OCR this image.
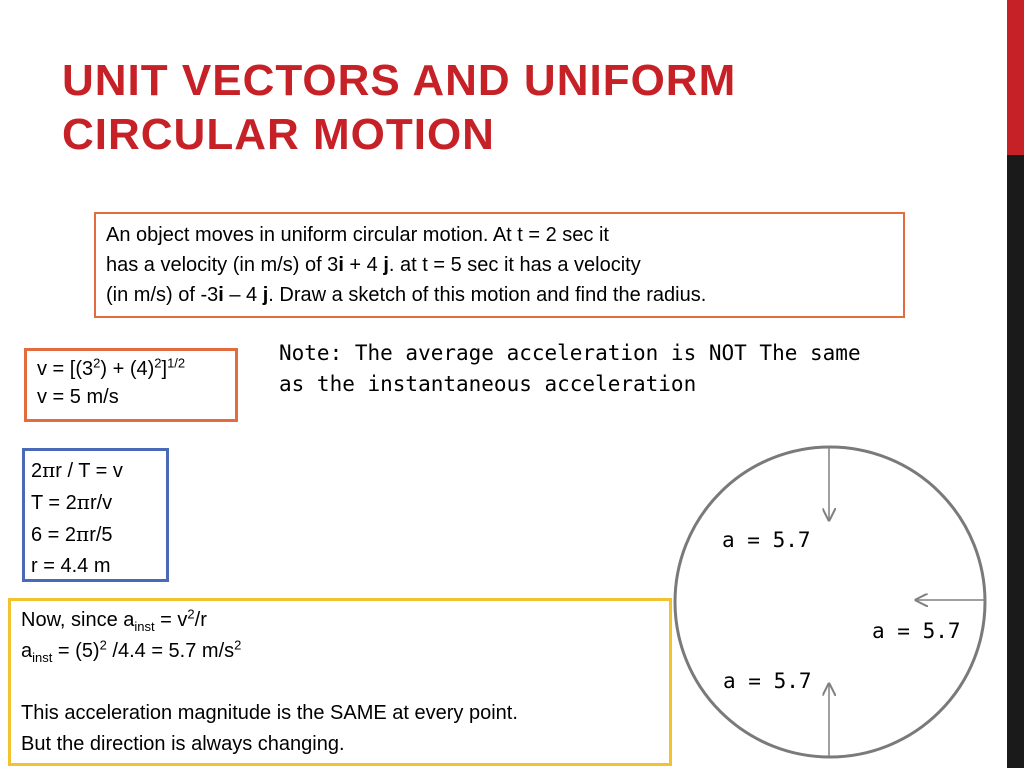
UNIT VECTORS AND UNIFORM
CIRCULAR MOTION
An object moves in uniform circular motion. At t = 2 sec it
has a velocity (in m/s) of 3i + 4 j. at t = 5 sec it has a velocity
(in m/s) of -3i – 4 j. Draw a sketch of this motion and find the radius.
$v = [(3^2) + (4)^2]^{1/2}$
v = 5 m/s
2πr / T = v
T = 2πr/v
6 = 2πr/5
r = 4.4 m
Note: The average acceleration is NOT The same
as the instantaneous acceleration
Now, since $a_{inst} = v^2/r$
$a_{inst} = (5)^2$ /4.4 = 5.7 $m/s^2$

This acceleration magnitude is the SAME at every point.
But the direction is always changing.
a = 5.7
a = 5.7
a = 5.7
